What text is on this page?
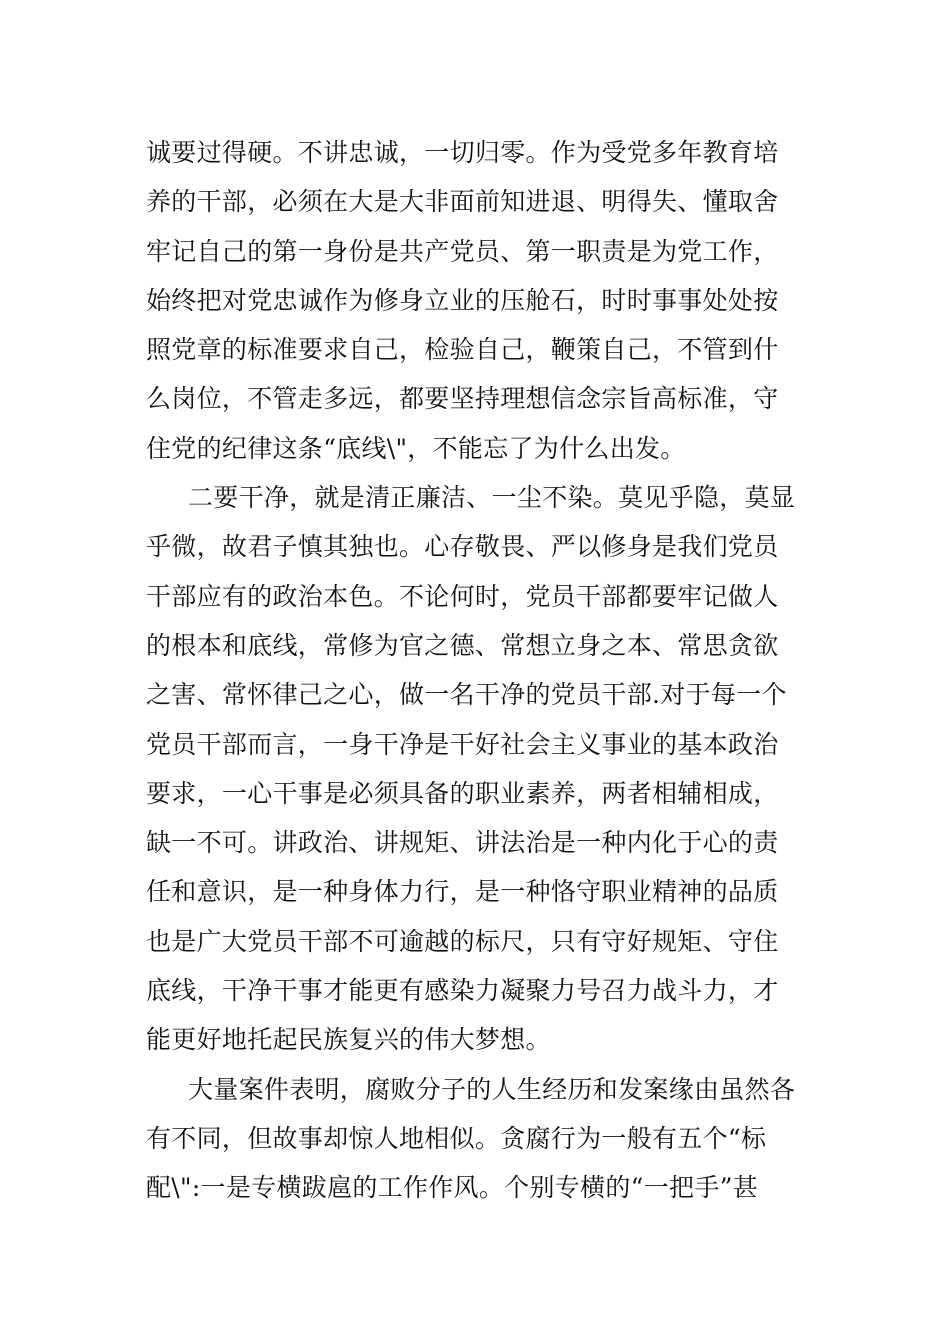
诚要过得硬。不讲忠诚，一切归零。作为受党多年教育培
养的干部，必须在大是大非面前知进退、明得失、懂取舍
牢记自己的第一身份是共产党员、第一职责是为党工作，
始终把对党忠诚作为修身立业的压舱石，时时事事处处按
照党章的标准要求自己，检验自己，鞭策自己，不管到什
么岗位，不管走多远，都要坚持理想信念宗旨高标准，守
住党的纪律这条“底线\"，不能忘了为什么出发。
二要干净，就是清正廉洁、一尘不染。莫见乎隐，莫显
乎微，故君子慎其独也。心存敬畏、严以修身是我们党员
干部应有的政治本色。不论何时，党员干部都要牢记做人
的根本和底线，常修为官之德、常想立身之本、常思贪欲
之害、常怀律己之心，做一名干净的党员干部.对于每一个
党员干部而言，一身干净是干好社会主义事业的基本政治
要求，一心干事是必须具备的职业素养，两者相辅相成，
缺一不可。讲政治、讲规矩、讲法治是一种内化于心的责
任和意识，是一种身体力行，是一种恪守职业精神的品质
也是广大党员干部不可逾越的标尺，只有守好规矩、守住
底线，干净干事才能更有感染力凝聚力号召力战斗力，才
能更好地托起民族复兴的伟大梦想。
大量案件表明，腐败分子的人生经历和发案缘由虽然各
有不同，但故事却惊人地相似。贪腐行为一般有五个“标
配\":一是专横跋扈的工作作风。个别专横的“一把手”甚
